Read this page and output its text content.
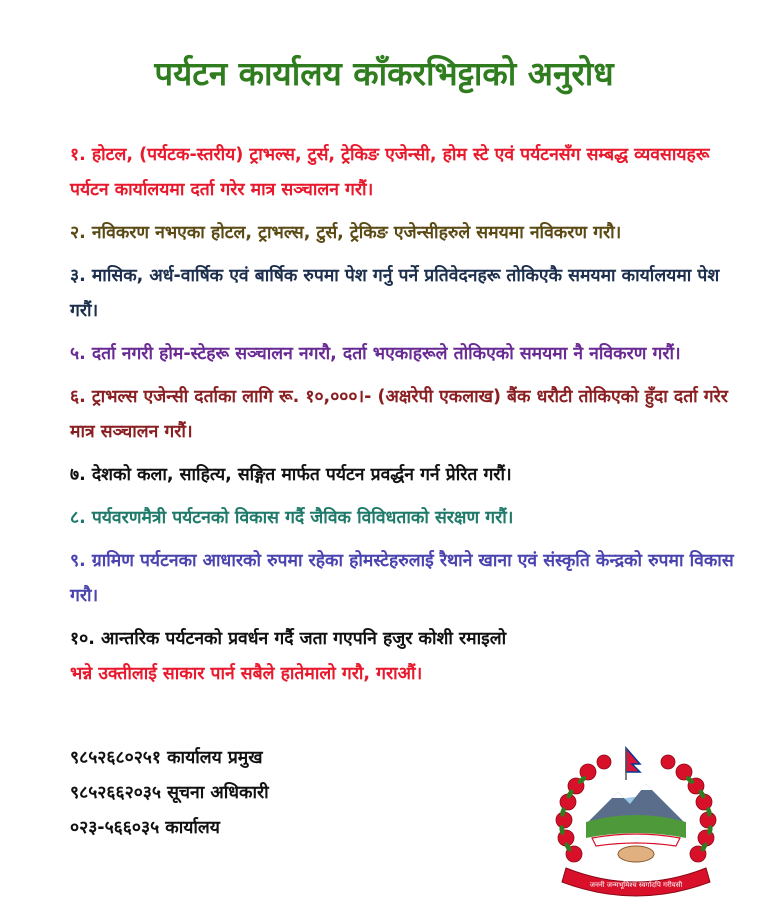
पर्यटन कार्यालय काँकरभिट्टाको अनुरोध
१. होटल, (पर्यटक-स्तरीय) ट्राभल्स, टुर्स, ट्रेकिङ एजेन्सी, होम स्टे एवं पर्यटनसँग सम्बद्ध व्यवसायहरू पर्यटन कार्यालयमा दर्ता गरेर मात्र सञ्चालन गरौं।
२. नविकरण नभएका होटल, ट्राभल्स, टुर्स, ट्रेकिङ एजेन्सीहरुले समयमा नविकरण गरौ।
३. मासिक, अर्ध-वार्षिक एवं बार्षिक रुपमा पेश गर्नु पर्ने प्रतिवेदनहरू तोकिएकै समयमा कार्यालयमा पेश गरौं।
५. दर्ता नगरी होम-स्टेहरू सञ्चालन नगरौ, दर्ता भएकाहरूले तोकिएको समयमा नै नविकरण गरौं।
६. ट्राभल्स एजेन्सी दर्ताका लागि रू. १०,०००।- (अक्षरेपी एकलाख) बैंक धरौटी तोकिएको हुँदा दर्ता गरेर मात्र सञ्चालन गरौं।
७. देशको कला, साहित्य, सङ्गित मार्फत पर्यटन प्रवर्द्धन गर्न प्रेरित गरौं।
८. पर्यवरणमैत्री पर्यटनको विकास गर्दै जैविक विविधताको संरक्षण गरौं।
९. ग्रामिण पर्यटनका आधारको रुपमा रहेका होमस्टेहरुलाई रैथाने खाना एवं संस्कृति केन्द्रको रुपमा विकास गरौ।
१०. आन्तरिक पर्यटनको प्रवर्धन गर्दै जता गएपनि हजुर कोशी रमाइलो
भन्ने उक्तीलाई साकार पार्न सबैले हातेमालो गरौ, गराऔं।
९८५२६८०२५१ कार्यालय प्रमुख
९८५२६६२०३५ सूचना अधिकारी
०२३-५६६०३५ कार्यालय
जननी जन्मभूमिश्च स्वर्गादपि गरीयसी
